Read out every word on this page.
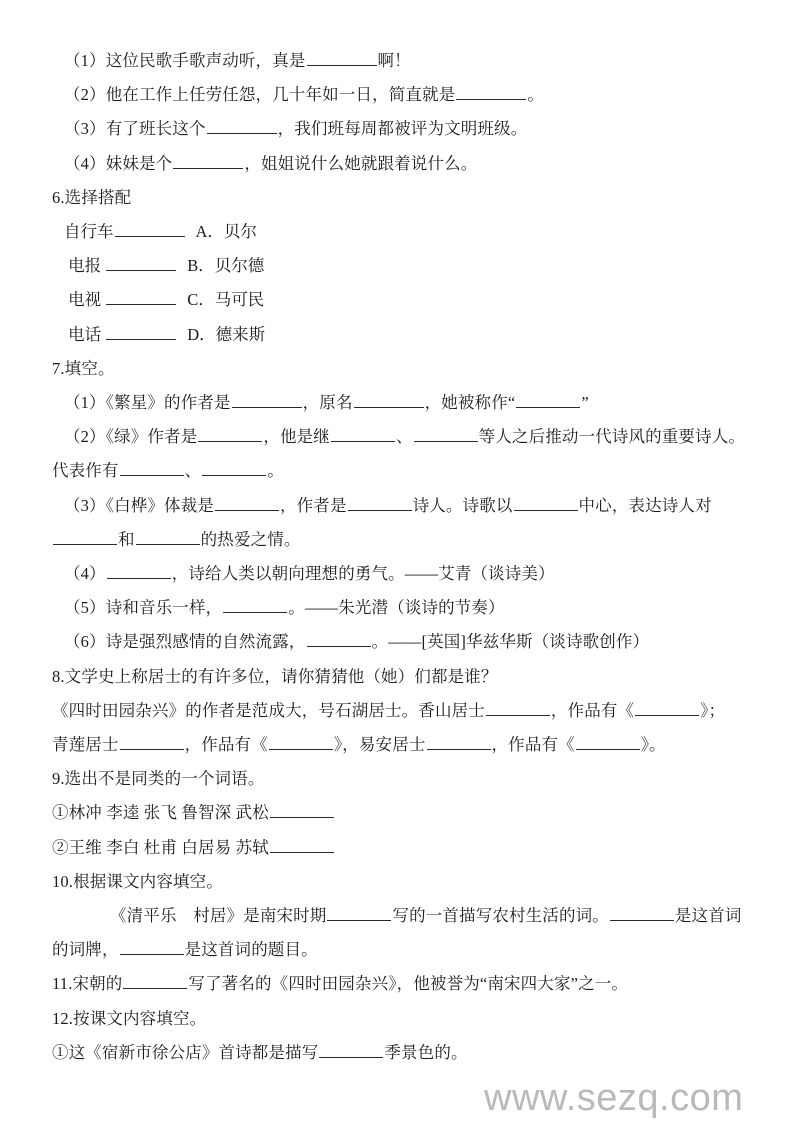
（1）这位民歌手歌声动听，真是	啊！
（2）他在工作上任劳任怨，几十年如一日，简直就是	。
（3）有了班长这个	，我们班每周都被评为文明班级。
（4）妹妹是个	，姐姐说什么她就跟着说什么。
6.选择搭配
自行车	A．贝尔
电报	B．贝尔德
电视	C．马可民
电话	D．德来斯
7.填空。
（1）《繁星》的作者是	，原名	，她被称作“	”
（2）《绿》作者是	，他是继	、	等人之后推动一代诗风的重要诗人。
代表作有	、	。
（3）《白桦》体裁是	，作者是	诗人。诗歌以	中心，表达诗人对
和	的热爱之情。
（4）	，诗给人类以朝向理想的勇气。——艾青（谈诗美）
（5）诗和音乐一样，	。——朱光潜（谈诗的节奏）
（6）诗是强烈感情的自然流露，	。——[英国]华兹华斯（谈诗歌创作）
8.文学史上称居士的有许多位，请你猜猜他（她）们都是谁？
《四时田园杂兴》的作者是范成大，号石湖居士。香山居士	，作品有《	》；
青莲居士	，作品有《	》，易安居士	，作品有《	》。
9.选出不是同类的一个词语。
①林冲 李逵 张飞 鲁智深 武松
②王维 李白 杜甫 白居易 苏轼
10.根据课文内容填空。
《清平乐　村居》是南宋时期	写的一首描写农村生活的词。	是这首词
的词牌，	是这首词的题目。
11.宋朝的	写了著名的《四时田园杂兴》，他被誉为“南宋四大家”之一。
12.按课文内容填空。
①这《宿新市徐公店》首诗都是描写	季景色的。
www.sezq.com
